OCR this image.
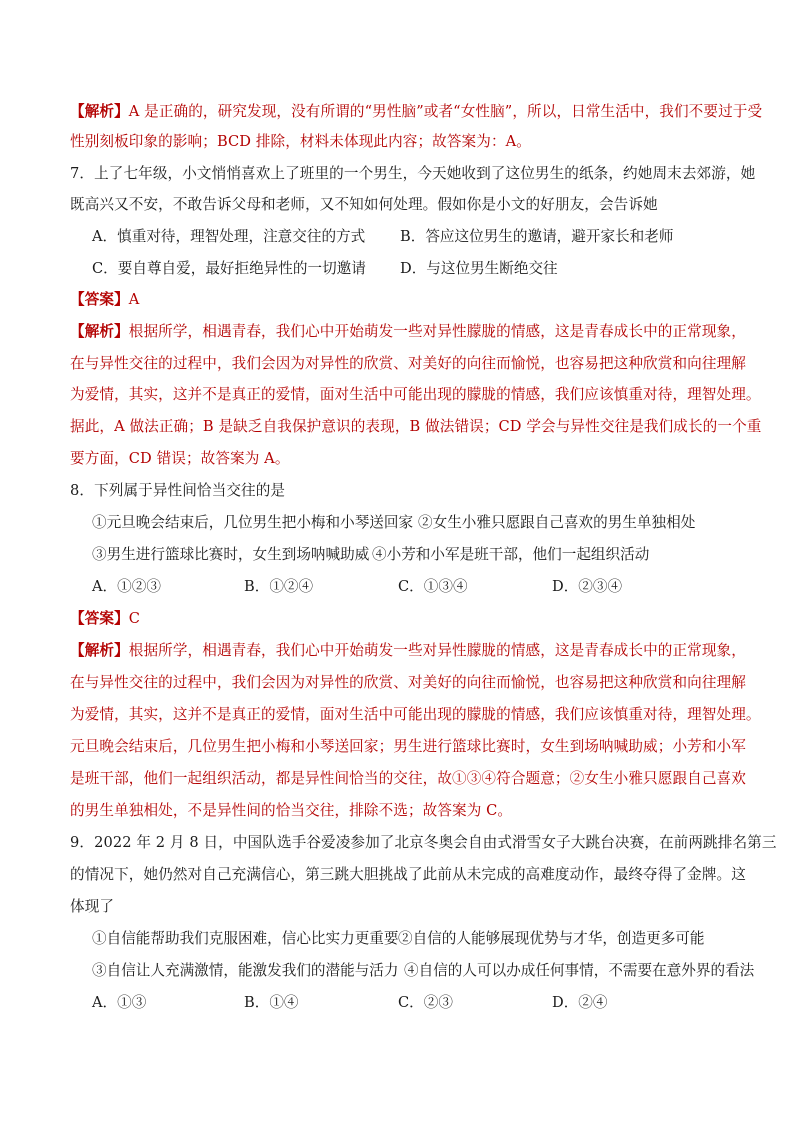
【解析】A 是正确的，研究发现，没有所谓的“男性脑”或者“女性脑”，所以，日常生活中，我们不要过于受
性别刻板印象的影响；BCD 排除，材料未体现此内容；故答案为：A。
7．上了七年级，小文悄悄喜欢上了班里的一个男生，今天她收到了这位男生的纸条，约她周末去郊游，她
既高兴又不安，不敢告诉父母和老师，又不知如何处理。假如你是小文的好朋友，会告诉她
A．慎重对待，理智处理，注意交往的方式 B．答应这位男生的邀请，避开家长和老师
C．要自尊自爱，最好拒绝异性的一切邀请 D．与这位男生断绝交往
【答案】A
【解析】根据所学，相遇青春，我们心中开始萌发一些对异性朦胧的情感，这是青春成长中的正常现象，
在与异性交往的过程中，我们会因为对异性的欣赏、对美好的向往而愉悦，也容易把这种欣赏和向往理解
为爱情，其实，这并不是真正的爱情，面对生活中可能出现的朦胧的情感，我们应该慎重对待，理智处理。
据此，A 做法正确；B 是缺乏自我保护意识的表现，B 做法错误；CD 学会与异性交往是我们成长的一个重
要方面，CD 错误；故答案为 A。
8．下列属于异性间恰当交往的是
①元旦晚会结束后，几位男生把小梅和小琴送回家 ②女生小雅只愿跟自己喜欢的男生单独相处
③男生进行篮球比赛时，女生到场呐喊助威 ④小芳和小军是班干部，他们一起组织活动
A．①②③	B．①②④	C．①③④	D．②③④
【答案】C
【解析】根据所学，相遇青春，我们心中开始萌发一些对异性朦胧的情感，这是青春成长中的正常现象，
在与异性交往的过程中，我们会因为对异性的欣赏、对美好的向往而愉悦，也容易把这种欣赏和向往理解
为爱情，其实，这并不是真正的爱情，面对生活中可能出现的朦胧的情感，我们应该慎重对待，理智处理。
元旦晚会结束后，几位男生把小梅和小琴送回家；男生进行篮球比赛时，女生到场呐喊助威；小芳和小军
是班干部，他们一起组织活动，都是异性间恰当的交往，故①③④符合题意；②女生小雅只愿跟自己喜欢
的男生单独相处，不是异性间的恰当交往，排除不选；故答案为 C。
9．2022 年 2 月 8 日，中国队选手谷爱凌参加了北京冬奥会自由式滑雪女子大跳台决赛，在前两跳排名第三
的情况下，她仍然对自己充满信心，第三跳大胆挑战了此前从未完成的高难度动作，最终夺得了金牌。这
体现了
①自信能帮助我们克服困难，信心比实力更重要 ②自信的人能够展现优势与才华，创造更多可能
③自信让人充满激情，能激发我们的潜能与活力 ④自信的人可以办成任何事情，不需要在意外界的看法
A．①③	B．①④	C．②③	D．②④
